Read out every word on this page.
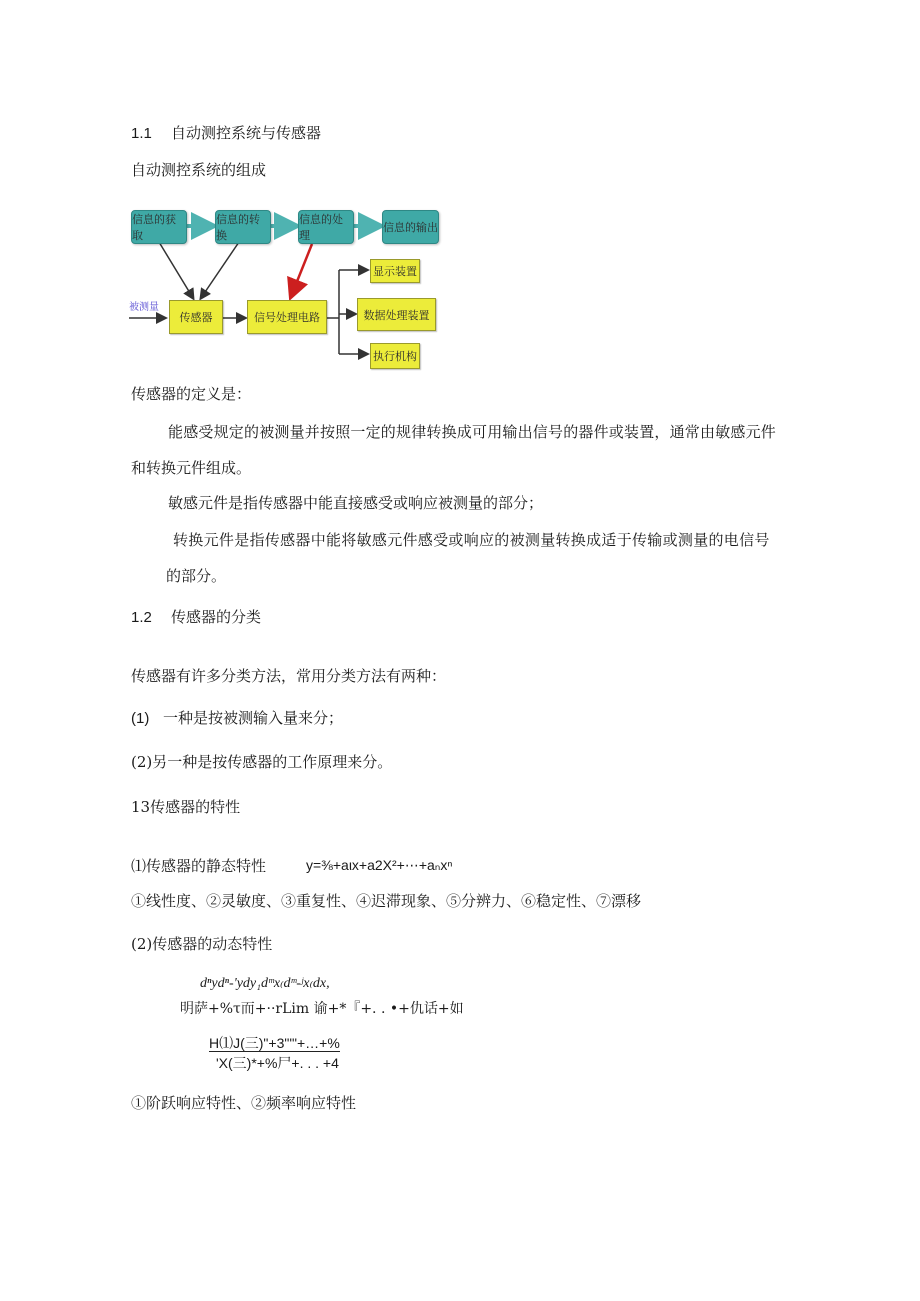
1.1 自动测控系统与传感器
自动测控系统的组成
信息的获取
信息的转换
信息的处理
信息的输出
被测量
传感器	信号处理电路
显示装置
数据处理装置
执行机构
传感器的定义是：
能感受规定的被测量并按照一定的规律转换成可用输出信号的器件或装置，通常由敏感元件
和转换元件组成。
敏感元件是指传感器中能直接感受或响应被测量的部分；
转换元件是指传感器中能将敏感元件感受或响应的被测量转换成适于传输或测量的电信号
的部分。
1.2 传感器的分类
传感器有许多分类方法，常用分类方法有两种：
(1) 一种是按被测输入量来分；
(2)另一种是按传感器的工作原理来分。
13传感器的特性
⑴传感器的静态特性	y=⅜+aιx+a2X²+⋯+aₙxⁿ
①线性度、②灵敏度、③重复性、④迟滞现象、⑤分辨力、⑥稳定性、⑦漂移
(2)传感器的动态特性
dⁿydⁿ-'ydy₁dᵐx₍dᵐ-ʲx₍dx,
明萨+%τ而+··rLim 谕+*『+. . •+仇话+如
H⑴J(三)"+3"'"+…+%
'X(三)*+%尸+. . . +4
①阶跃响应特性、②频率响应特性
